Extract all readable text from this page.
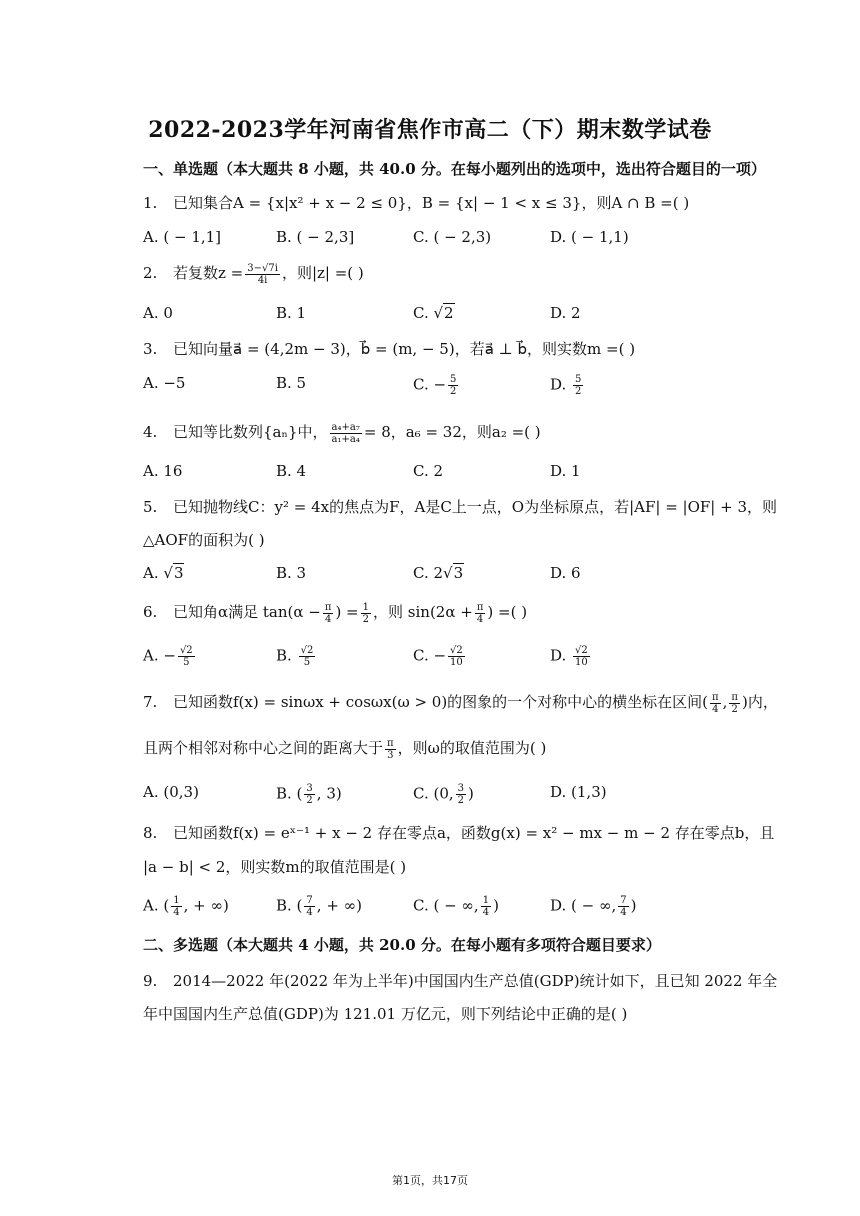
2022-2023学年河南省焦作市高二（下）期末数学试卷
一、单选题（本大题共 8 小题，共 40.0 分。在每小题列出的选项中，选出符合题目的一项）
1. 已知集合A = {x|x² + x − 2 ≤ 0}，B = {x| − 1 < x ≤ 3}，则A ∩ B =( )
A. ( − 1,1]	B. ( − 2,3]	C. ( − 2,3)	D. ( − 1,1)
2. 若复数$z = \frac{3-√7i}{4i}$ ，则|z| =( )
A. 0	B. 1	C. √2	D. 2
3. 已知向量a⃗ = (4,2m − 3)，b⃗ = (m, − 5)，若a⃗ ⊥ b⃗，则实数m =( )
A. −5	B. 5	C. − $\frac{5}{2}$	D. $\frac{5}{2}$
4. 已知等比数列{aₙ}中， $\frac{\text{a₄+a₇}}{\text{a₁+a₄}} = 8$，a₆ = 32，则a₂ =( )
A. 16	B. 4	C. 2	D. 1
5. 已知抛物线C：y² = 4x的焦点为F，A是C上一点，O为坐标原点，若|AF| = |OF| + 3，则
△AOF的面积为( )
A. √3	B. 3	C. 2√3	D. 6
6. 已知角α满足 $\tan(\alpha - \frac{\pi}{4}$ ) = $\frac{1}{2}$ ，则 $\sin(2\alpha + \frac{\pi}{4}$ ) =( )
A. − $\frac{√2}{5}$	B. $\frac{√2}{5}$	C. − $\frac{√2}{10}$	D. $\frac{√2}{10}$
7. 已知函数f(x) = sinωx + cosωx(ω > 0)的图象的一个对称中心的横坐标在区间( $\frac{\pi}{4}$ , $\frac{\pi}{2}$ )内，
且两个相邻对称中心之间的距离大于 $\frac{\pi}{3}$ ，则ω的取值范围为( )
A. (0,3)	B. ( $\frac{3}{2}$ , 3)	C. (0, $\frac{3}{2}$ )	D. (1,3)
8. 已知函数f(x) = eˣ⁻¹ + x − 2 存在零点a，函数g(x) = x² − mx − m − 2 存在零点b，且
|a − b| < 2，则实数m的取值范围是( )
A. ( $\frac{1}{4}$ , + ∞)	B. ( $\frac{7}{4}$ , + ∞)	C. ( − ∞, $\frac{1}{4}$ )	D. ( − ∞, $\frac{7}{4}$ )
二、多选题（本大题共 4 小题，共 20.0 分。在每小题有多项符合题目要求）
9. 2014—2022 年(2022 年为上半年)中国国内生产总值(GDP)统计如下，且已知 2022 年全
年中国国内生产总值(GDP)为 121.01 万亿元，则下列结论中正确的是( )
第1页，共17页
